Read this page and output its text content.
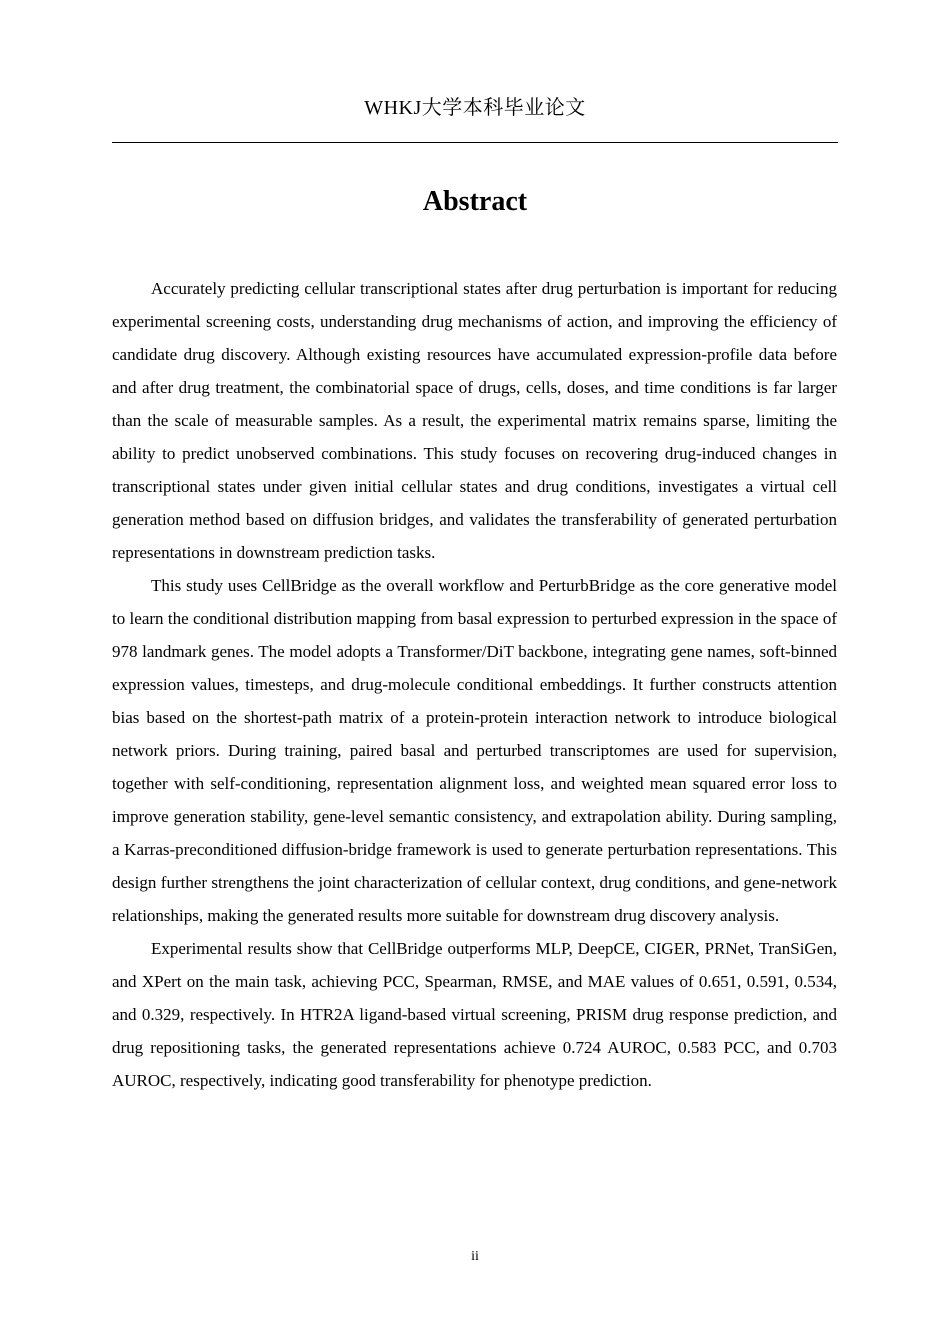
WHKJ大学本科毕业论文
Abstract

Accurately predicting cellular transcriptional states after drug perturbation is important for reducing experimental screening costs, understanding drug mechanisms of action, and improving the efficiency of candidate drug discovery. Although existing resources have accumulated expression-profile data before and after drug treatment, the combinatorial space of drugs, cells, doses, and time conditions is far larger than the scale of measurable samples. As a result, the experimental matrix remains sparse, limiting the ability to predict unobserved combinations. This study focuses on recovering drug-induced changes in transcriptional states under given initial cellular states and drug conditions, investigates a virtual cell generation method based on diffusion bridges, and validates the transferability of generated perturbation representations in downstream prediction tasks.

This study uses CellBridge as the overall workflow and PerturbBridge as the core generative model to learn the conditional distribution mapping from basal expression to perturbed expression in the space of 978 landmark genes. The model adopts a Transformer/DiT backbone, integrating gene names, soft-binned expression values, timesteps, and drug-molecule conditional embeddings. It further constructs attention bias based on the shortest-path matrix of a protein-protein interaction network to introduce biological network priors. During training, paired basal and perturbed transcriptomes are used for supervision, together with self-conditioning, representation alignment loss, and weighted mean squared error loss to improve generation stability, gene-level semantic consistency, and extrapolation ability. During sampling, a Karras-preconditioned diffusion-bridge framework is used to generate perturbation representations. This design further strengthens the joint characterization of cellular context, drug conditions, and gene-network relationships, making the generated results more suitable for downstream drug discovery analysis.

Experimental results show that CellBridge outperforms MLP, DeepCE, CIGER, PRNet, TranSiGen, and XPert on the main task, achieving PCC, Spearman, RMSE, and MAE values of 0.651, 0.591, 0.534, and 0.329, respectively. In HTR2A ligand-based virtual screening, PRISM drug response prediction, and drug repositioning tasks, the generated representations achieve 0.724 AUROC, 0.583 PCC, and 0.703 AUROC, respectively, indicating good transferability for phenotype prediction.

ii
